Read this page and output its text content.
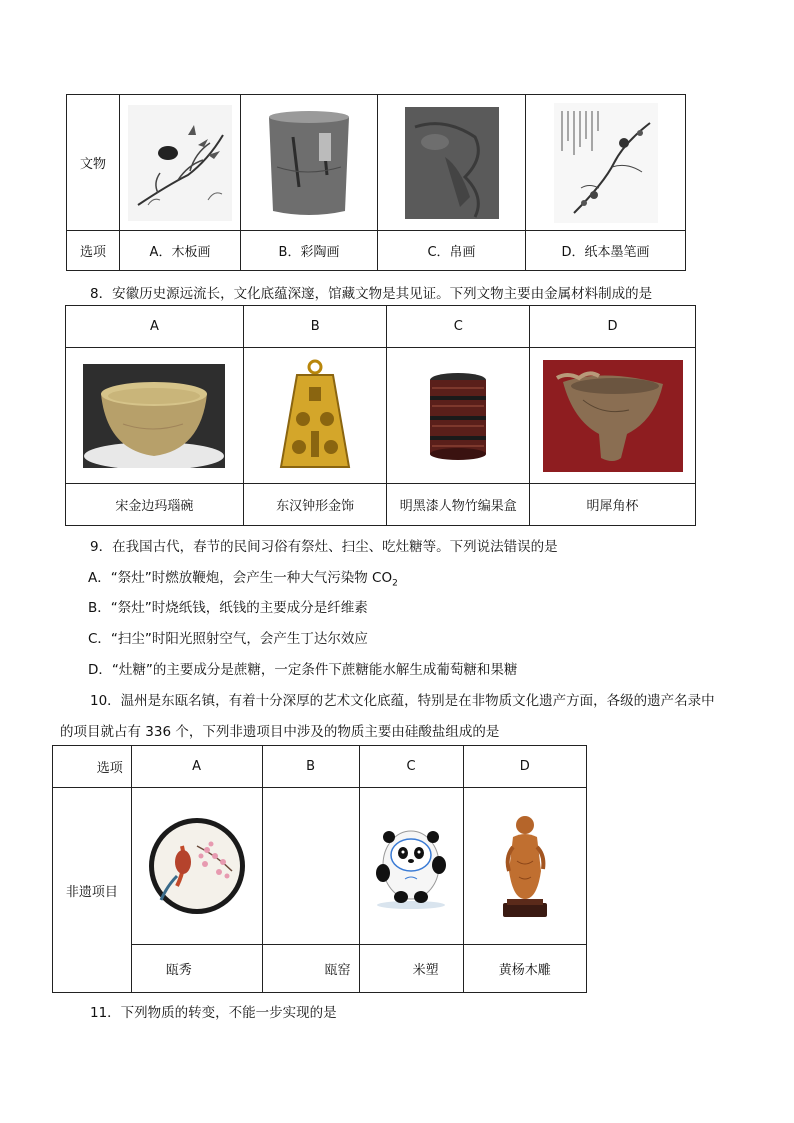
文物	

选项	A．木板画	B．彩陶画	C．帛画	D．纸本墨笔画
8．安徽历史源远流长，文化底蕴深邃，馆藏文物是其见证。下列文物主要由金属材料制成的是
A	B	C	D

宋金边玛瑙碗	东汉钟形金饰	明黑漆人物竹编果盒	明犀角杯
9．在我国古代，春节的民间习俗有祭灶、扫尘、吃灶糖等。下列说法错误的是
A．“祭灶”时燃放鞭炮，会产生一种大气污染物 $CO_2$
B．“祭灶”时烧纸钱，纸钱的主要成分是纤维素
C．“扫尘”时阳光照射空气，会产生丁达尔效应
D．“灶糖”的主要成分是蔗糖，一定条件下蔗糖能水解生成葡萄糖和果糖
10．温州是东瓯名镇，有着十分深厚的艺术文化底蕴，特别是在非物质文化遗产方面，各级的遗产名录中
的项目就占有 336 个，下列非遗项目中涉及的物质主要由硅酸盐组成的是
选项	A	B	C	D
非遗项目	

	瓯秀	瓯窑	米塑	黄杨木雕
11．下列物质的转变，不能一步实现的是
